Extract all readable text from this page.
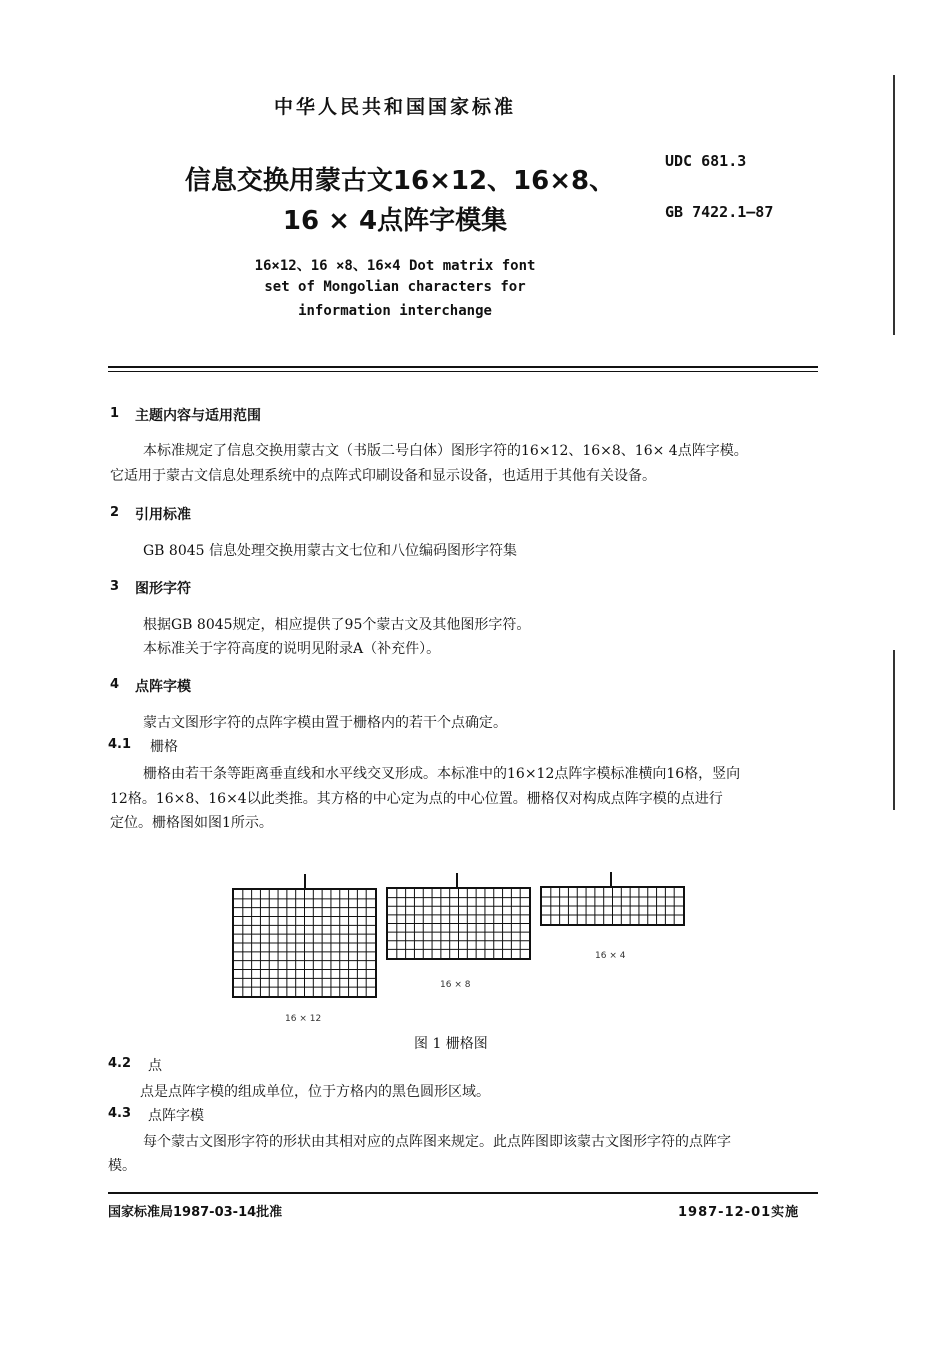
中华人民共和国国家标准
信息交换用蒙古文16×12、16×8、
16 × 4点阵字模集
UDC 681.3
GB 7422.1—87
16×12、16 ×8、16×4 Dot matrix font
set of Mongolian characters for
information interchange
1 主题内容与适用范围
本标准规定了信息交换用蒙古文（书版二号白体）图形字符的16×12、16×8、16× 4点阵字模。
它适用于蒙古文信息处理系统中的点阵式印刷设备和显示设备，也适用于其他有关设备。
2 引用标准
GB 8045 信息处理交换用蒙古文七位和八位编码图形字符集
3 图形字符
根据GB 8045规定，相应提供了95个蒙古文及其他图形字符。
本标准关于字符高度的说明见附录A（补充件）。
4 点阵字模
蒙古文图形字符的点阵字模由置于栅格内的若干个点确定。
4.1 栅格
栅格由若干条等距离垂直线和水平线交叉形成。本标准中的16×12点阵字模标准横向16格，竖向
12格。16×8、16×4以此类推。其方格的中心定为点的中心位置。栅格仅对构成点阵字模的点进行
定位。栅格图如图1所示。
16 × 12
16 × 8
16 × 4
图 1 栅格图
4.2 点
点是点阵字模的组成单位，位于方格内的黑色圆形区域。
4.3 点阵字模
每个蒙古文图形字符的形状由其相对应的点阵图来规定。此点阵图即该蒙古文图形字符的点阵字
模。
国家标准局1987-03-14批准	1987-12-01实施
